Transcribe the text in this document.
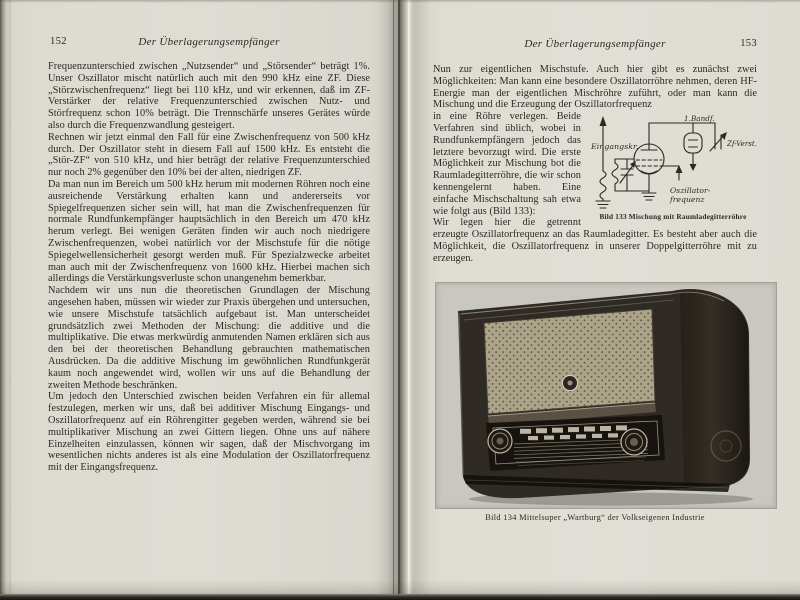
152	Der Überlagerungsempfänger

Frequenzunterschied zwischen „Nutzsender“ und „Störsender“ beträgt 1%. Unser Oszillator mischt natürlich auch mit den 990 kHz eine ZF. Diese „Störzwischenfrequenz“ liegt bei 110 kHz, und wir erkennen, daß im ZF-Verstärker der relative Frequenzunterschied zwischen Nutz- und Störfrequenz schon 10% beträgt. Die Trennschärfe unseres Gerätes würde also durch die Frequenzwandlung gesteigert.

Rechnen wir jetzt einmal den Fall für eine Zwischenfrequenz von 500 kHz durch. Der Oszillator steht in diesem Fall auf 1500 kHz. Es entsteht die „Stör-ZF“ von 510 kHz, und hier beträgt der relative Frequenzunterschied nur noch 2% gegenüber den 10% bei der alten, niedrigen ZF.

Da man nun im Bereich um 500 kHz herum mit modernen Röhren noch eine ausreichende Verstärkung erhalten kann und andererseits vor Spiegelfrequenzen sicher sein will, hat man die Zwischenfrequenzen für normale Rundfunkempfänger hauptsächlich in den Bereich um 470 kHz herum verlegt. Bei wenigen Geräten finden wir auch noch niedrigere Zwischenfrequenzen, wobei natürlich vor der Mischstufe für die nötige Spiegelwellensicherheit gesorgt werden muß. Für Spezialzwecke arbeitet man auch mit der Zwischenfrequenz von 1600 kHz. Hierbei machen sich allerdings die Verstärkungsverluste schon unangenehm bemerkbar.

Nachdem wir uns nun die theoretischen Grundlagen der Mischung angesehen haben, müssen wir wieder zur Praxis übergehen und untersuchen, wie unsere Mischstufe tatsächlich aufgebaut ist. Man unterscheidet grundsätzlich zwei Methoden der Mischung: die additive und die multiplikative. Die etwas merkwürdig anmutenden Namen erklären sich aus den bei der theoretischen Behandlung gebrauchten mathematischen Ausdrücken. Da die additive Mischung im gewöhnlichen Rundfunkgerät kaum noch angewendet wird, wollen wir uns auf die Behandlung der zweiten Methode beschränken.

Um jedoch den Unterschied zwischen beiden Verfahren ein für allemal festzulegen, merken wir uns, daß bei additiver Mischung Eingangs- und Oszillatorfrequenz auf ein Röhrengitter gegeben werden, während sie bei multiplikativer Mischung an zwei Gittern liegen. Ohne uns auf nähere Einzelheiten einzulassen, können wir sagen, daß der Mischvorgang im wesentlichen nichts anderes ist als eine Modulation der Oszillatorfrequenz mit der Eingangsfrequenz.

Der Überlagerungsempfänger	153

Nun zur eigentlichen Mischstufe. Auch hier gibt es zunächst zwei Möglichkeiten: Man kann eine besondere Oszillatorröhre nehmen, deren HF-Energie man der eigentlichen Mischröhre zuführt, oder man kann die Mischung und die Erzeugung der Oszillatorfrequenz

Eingangskr.
1.Bandf.
Zf-Verst.
Oszillator-
frequenz
Bild 133 Mischung mit Raumladegitterröhre

in eine Röhre verlegen. Beide Verfahren sind üblich, wobei in Rundfunkempfängern jedoch das letztere bevorzugt wird. Die erste Möglichkeit zur Mischung bot die Raumladegitterröhre, die wir schon kennengelernt haben. Eine einfache Mischschaltung sah etwa wie folgt aus (Bild 133):

Wir legen hier die getrennt erzeugte Oszillatorfrequenz an das Raumladegitter. Es besteht aber auch die Möglichkeit, die Oszillatorfrequenz in unserer Doppelgitterröhre mit zu erzeugen.

Bild 134 Mittelsuper „Wartburg“ der Volkseigenen Industrie
